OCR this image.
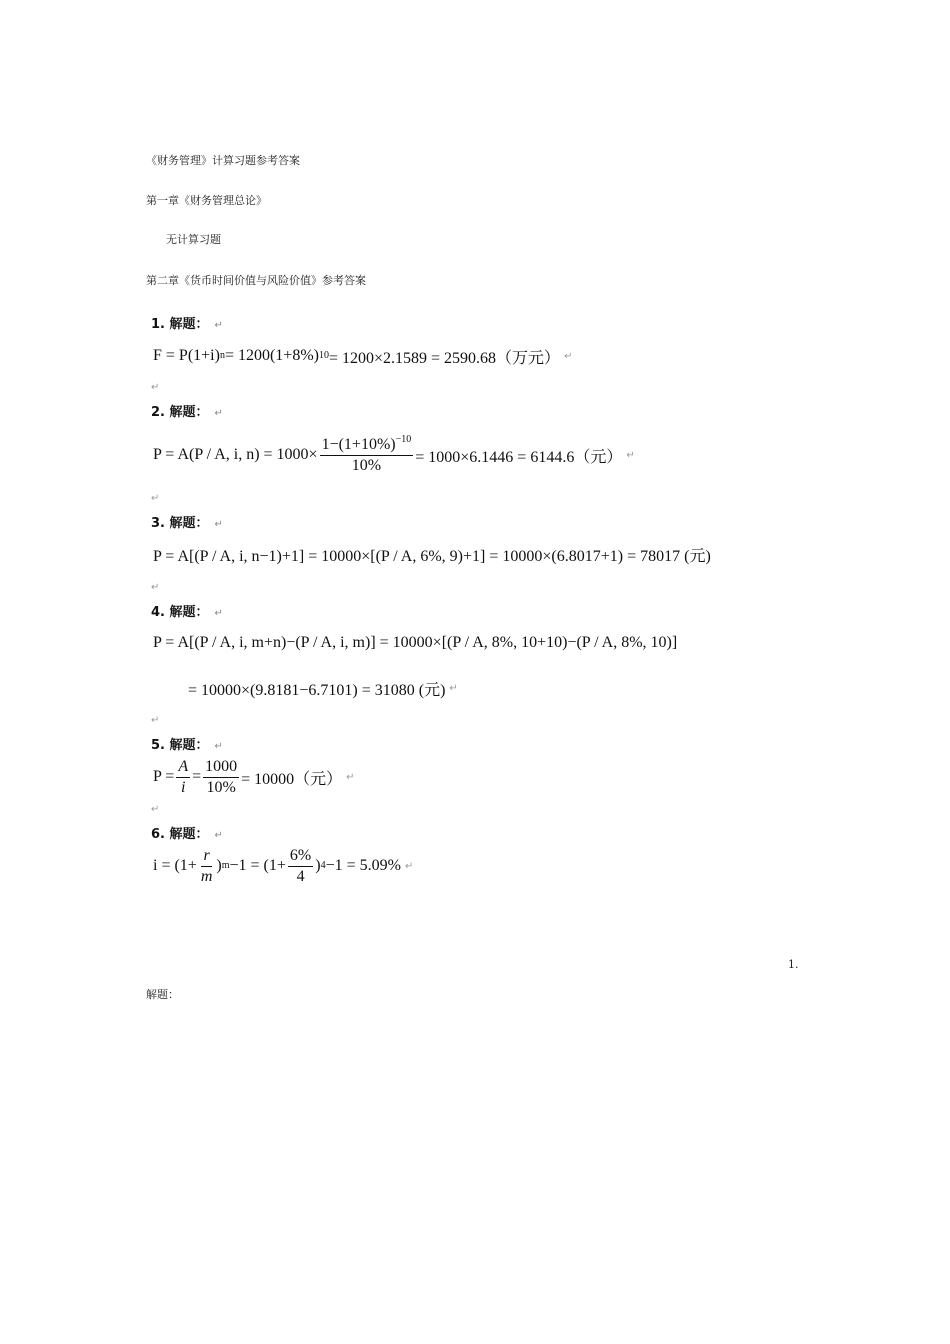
《财务管理》计算习题参考答案
第一章《财务管理总论》
无计算习题
第二章《货币时间价值与风险价值》参考答案
1. 解题： ↵
F = P(1+i) n = 1200(1+8%) 10 = 1200×2.1589 = 2590.68（万元） ↵
↵
2. 解题： ↵
P = A(P / A, i, $n) = 1000\times \frac{1-(1+10\%)^{-10}}{10\%} = 1000\times 6.1446 = 6144.6$（元） ↵
↵
3. 解题： ↵
P = A[(P / A, i, n−1)+1] = 10000×[(P / A, 6%, 9)+1] = 10000×(6.8017+1) = 78017 (元)
↵
4. 解题： ↵
P = A[(P / A, i, m+n)−(P / A, i, m)] = 10000×[(P / A, 8%, 10+10)−(P / A, 8%, 10)]
= 10000×(9.8181−6.7101) = 31080 (元) ↵
↵
5. 解题： ↵
$P = \frac{A}{i} = \frac{1000}{10\%} = 10000$（元） ↵
↵
6. 解题： ↵
$i = (1+ \frac{r}{m}$ ) $m -1 = (1+ \frac{6\%}{4}$ ) 4 −1 = 5.09% ↵
1.
解题：
